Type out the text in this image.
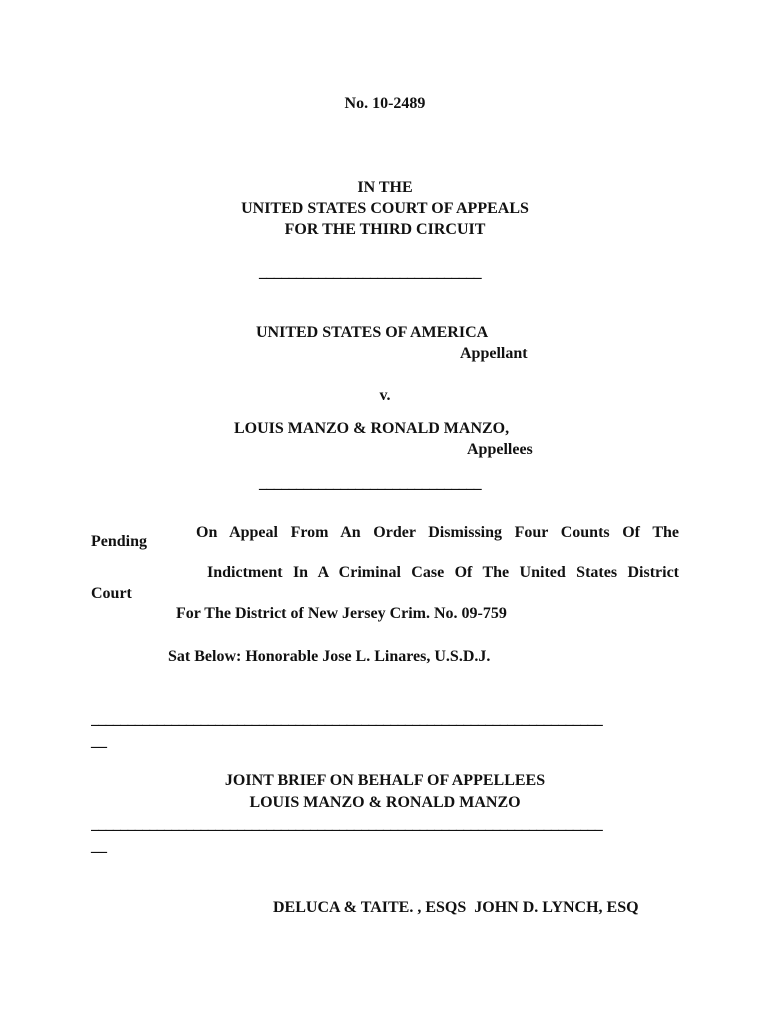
No. 10-2489
IN THE
UNITED STATES COURT OF APPEALS
FOR THE THIRD CIRCUIT
______________________________
UNITED STATES OF AMERICA
Appellant
v.
LOUIS MANZO & RONALD MANZO,
Appellees
______________________________
Pending
Court
On Appeal From An Order Dismissing Four Counts Of The
Indictment In A Criminal Case Of The United States District
For The District of New Jersey Crim. No. 09-759
Sat Below: Honorable Jose L. Linares, U.S.D.J.
______________________________________________________________________
__
JOINT BRIEF ON BEHALF OF APPELLEES
LOUIS MANZO & RONALD MANZO
______________________________________________________________________
__
DELUCA & TAITE. , ESQS  JOHN D. LYNCH, ESQ
